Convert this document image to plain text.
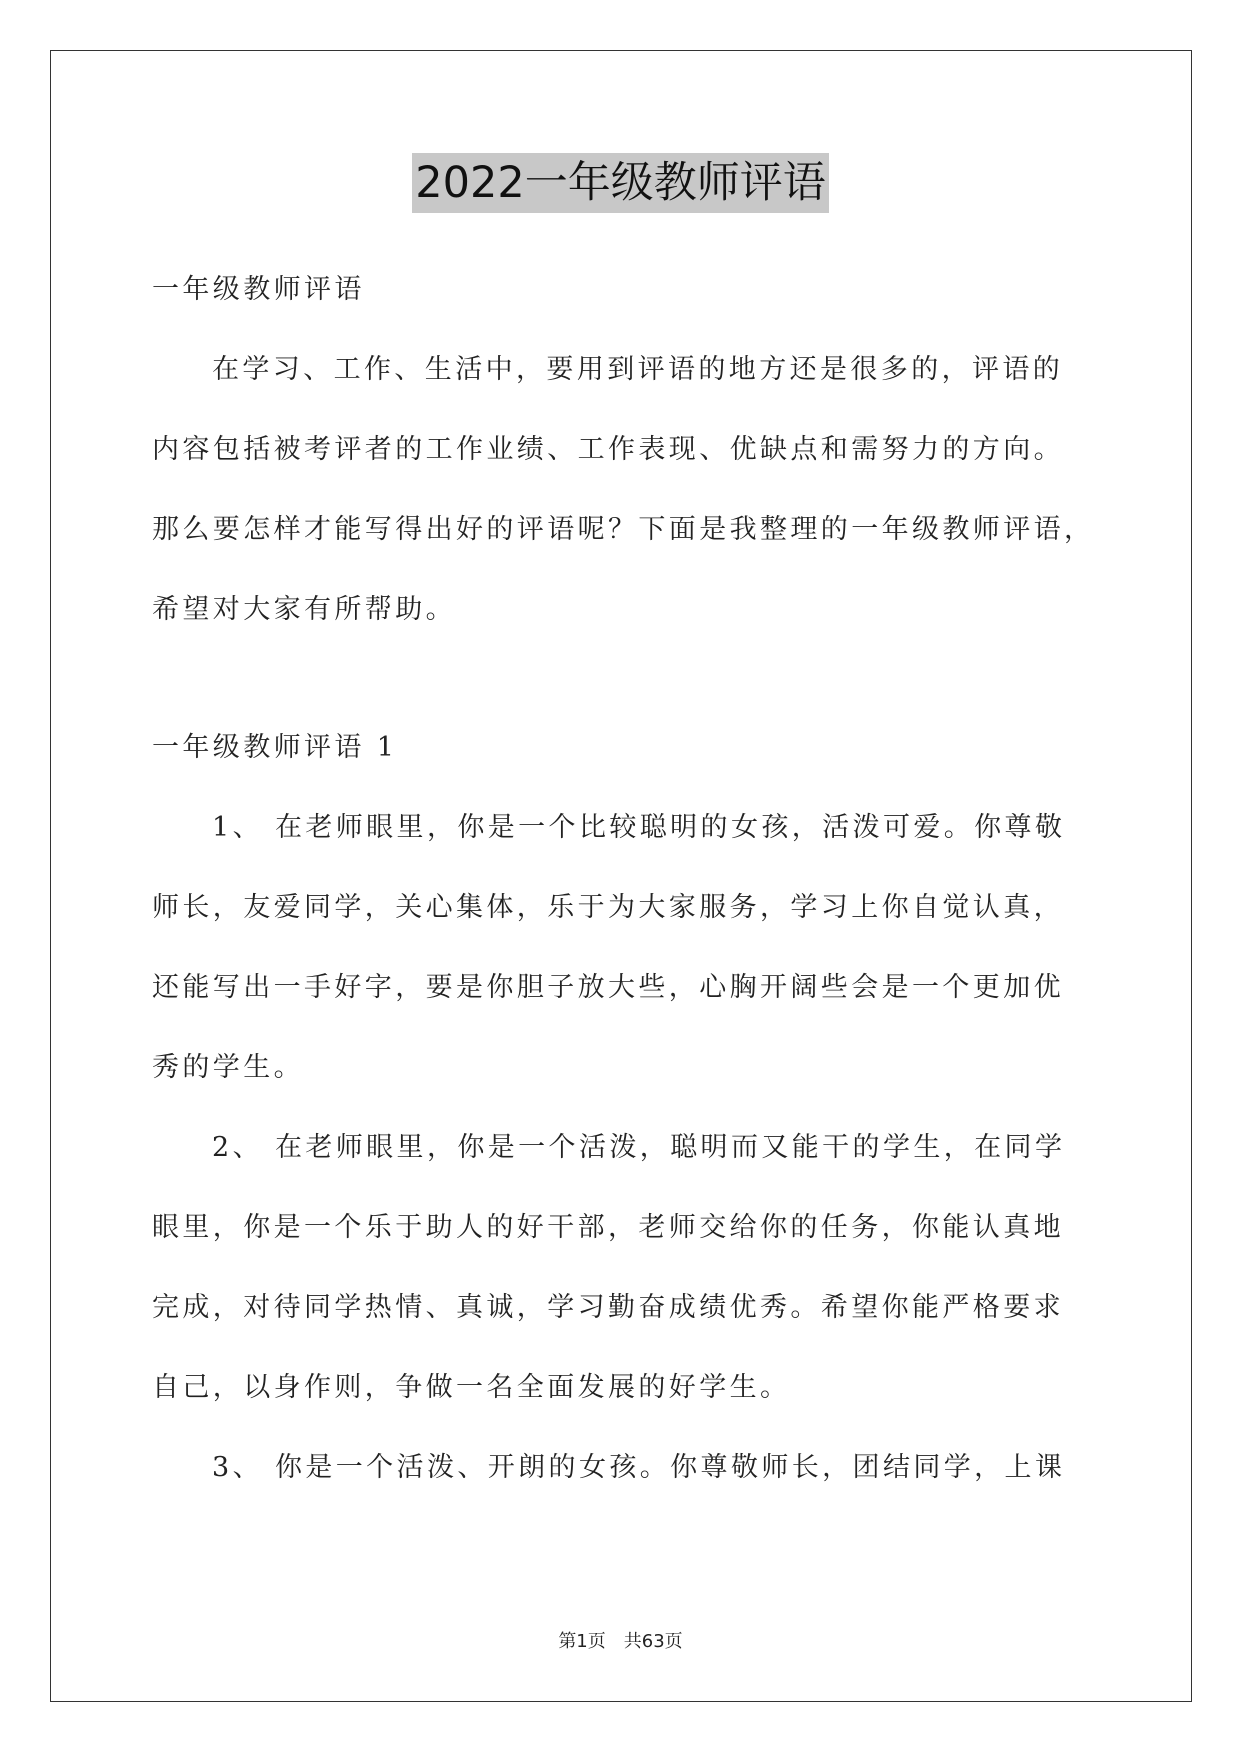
2022一年级教师评语
一年级教师评语
在学习、工作、生活中，要用到评语的地方还是很多的，评语的
内容包括被考评者的工作业绩、工作表现、优缺点和需努力的方向。
那么要怎样才能写得出好的评语呢？下面是我整理的一年级教师评语，
希望对大家有所帮助。
一年级教师评语 1
1、 在老师眼里，你是一个比较聪明的女孩，活泼可爱。你尊敬
师长，友爱同学，关心集体，乐于为大家服务，学习上你自觉认真，
还能写出一手好字，要是你胆子放大些，心胸开阔些会是一个更加优
秀的学生。
2、 在老师眼里，你是一个活泼，聪明而又能干的学生，在同学
眼里，你是一个乐于助人的好干部，老师交给你的任务，你能认真地
完成，对待同学热情、真诚，学习勤奋成绩优秀。希望你能严格要求
自己，以身作则，争做一名全面发展的好学生。
3、 你是一个活泼、开朗的女孩。你尊敬师长，团结同学，上课
第1页　共63页
